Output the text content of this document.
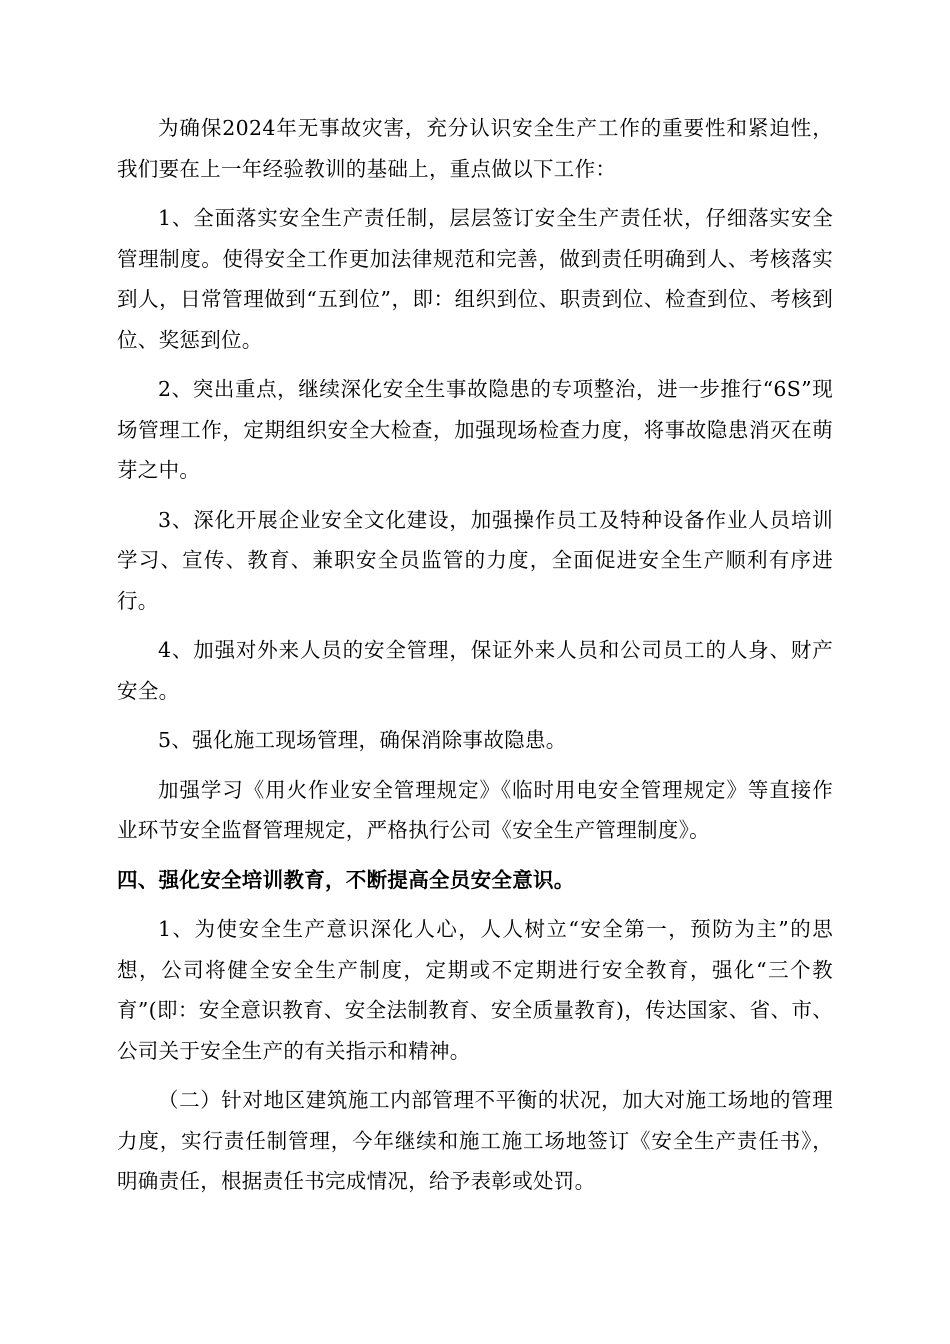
为确保2024年无事故灾害，充分认识安全生产工作的重要性和紧迫性，我们要在上一年经验教训的基础上，重点做以下工作：

1、全面落实安全生产责任制，层层签订安全生产责任状，仔细落实安全管理制度。使得安全工作更加法律规范和完善，做到责任明确到人、考核落实到人，日常管理做到“五到位”，即：组织到位、职责到位、检查到位、考核到位、奖惩到位。

2、突出重点，继续深化安全生事故隐患的专项整治，进一步推行“6S”现场管理工作，定期组织安全大检查，加强现场检查力度，将事故隐患消灭在萌芽之中。

3、深化开展企业安全文化建设，加强操作员工及特种设备作业人员培训学习、宣传、教育、兼职安全员监管的力度，全面促进安全生产顺利有序进行。

4、加强对外来人员的安全管理，保证外来人员和公司员工的人身、财产安全。

5、强化施工现场管理，确保消除事故隐患。

加强学习《用火作业安全管理规定》《临时用电安全管理规定》等直接作业环节安全监督管理规定，严格执行公司《安全生产管理制度》。

四、强化安全培训教育，不断提高全员安全意识。

1、为使安全生产意识深化人心，人人树立“安全第一，预防为主”的思想，公司将健全安全生产制度，定期或不定期进行安全教育，强化“三个教育”(即：安全意识教育、安全法制教育、安全质量教育)，传达国家、省、市、公司关于安全生产的有关指示和精神。

（二）针对地区建筑施工内部管理不平衡的状况，加大对施工场地的管理力度，实行责任制管理，今年继续和施工施工场地签订《安全生产责任书》，明确责任，根据责任书完成情况，给予表彰或处罚。
